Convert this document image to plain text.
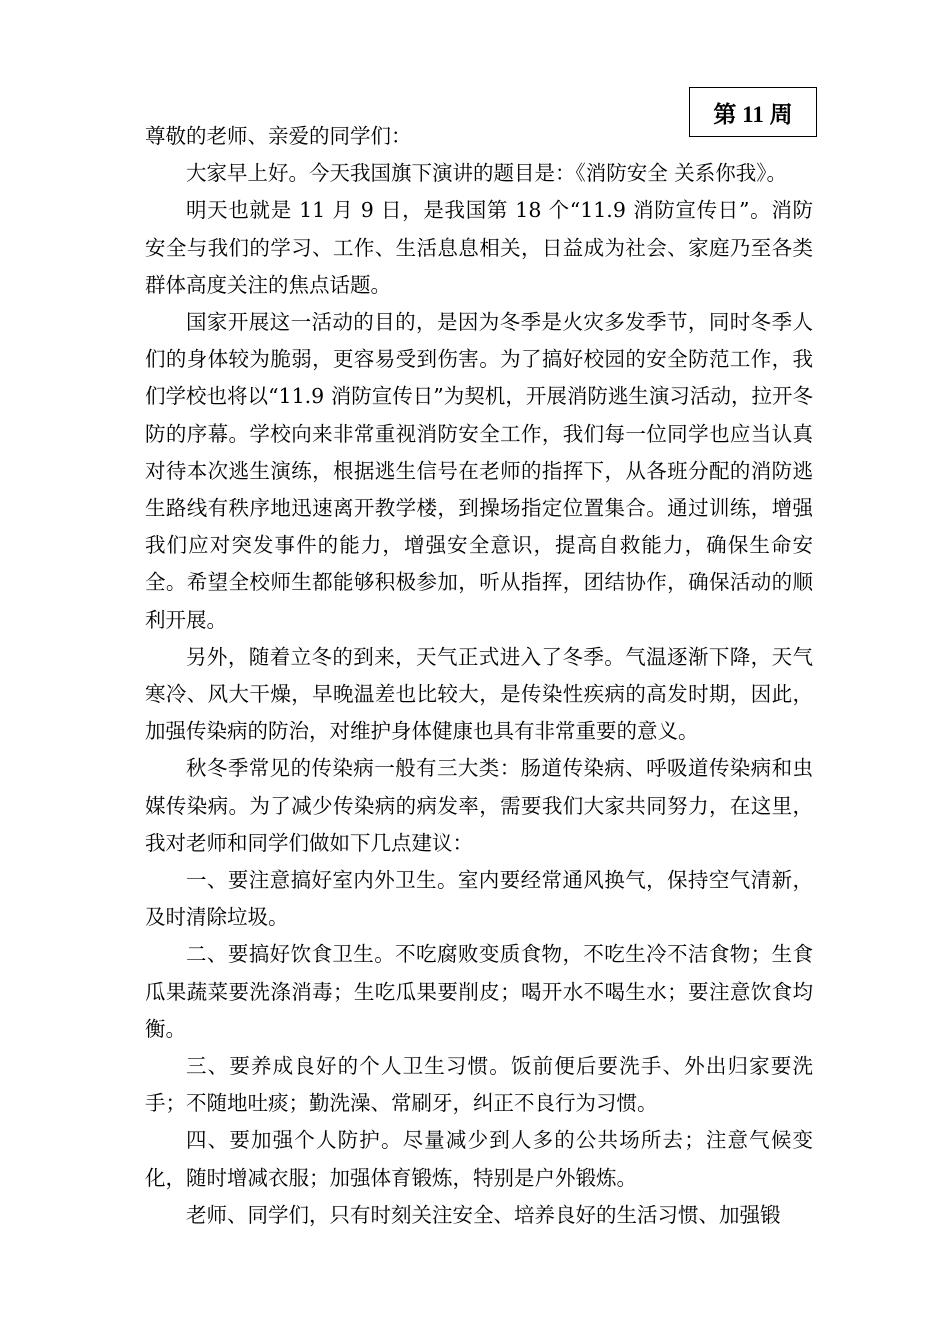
第 11 周

尊敬的老师、亲爱的同学们：

大家早上好。今天我国旗下演讲的题目是：《消防安全 关系你我》。

明天也就是 11 月 9 日，是我国第 18 个“11.9 消防宣传日”。消防安全与我们的学习、工作、生活息息相关，日益成为社会、家庭乃至各类群体高度关注的焦点话题。

国家开展这一活动的目的，是因为冬季是火灾多发季节，同时冬季人们的身体较为脆弱，更容易受到伤害。为了搞好校园的安全防范工作，我们学校也将以“11.9 消防宣传日”为契机，开展消防逃生演习活动，拉开冬防的序幕。学校向来非常重视消防安全工作，我们每一位同学也应当认真对待本次逃生演练，根据逃生信号在老师的指挥下，从各班分配的消防逃生路线有秩序地迅速离开教学楼，到操场指定位置集合。通过训练，增强我们应对突发事件的能力，增强安全意识，提高自救能力，确保生命安全。希望全校师生都能够积极参加，听从指挥，团结协作，确保活动的顺利开展。

另外，随着立冬的到来，天气正式进入了冬季。气温逐渐下降，天气寒冷、风大干燥，早晚温差也比较大，是传染性疾病的高发时期，因此，加强传染病的防治，对维护身体健康也具有非常重要的意义。

秋冬季常见的传染病一般有三大类：肠道传染病、呼吸道传染病和虫媒传染病。为了减少传染病的病发率，需要我们大家共同努力，在这里，我对老师和同学们做如下几点建议：

一、要注意搞好室内外卫生。室内要经常通风换气，保持空气清新，及时清除垃圾。

二、要搞好饮食卫生。不吃腐败变质食物，不吃生冷不洁食物；生食瓜果蔬菜要洗涤消毒；生吃瓜果要削皮；喝开水不喝生水；要注意饮食均衡。

三、要养成良好的个人卫生习惯。饭前便后要洗手、外出归家要洗手；不随地吐痰；勤洗澡、常刷牙，纠正不良行为习惯。

四、要加强个人防护。尽量减少到人多的公共场所去；注意气候变化，随时增减衣服；加强体育锻炼，特别是户外锻炼。

老师、同学们，只有时刻关注安全、培养良好的生活习惯、加强锻
